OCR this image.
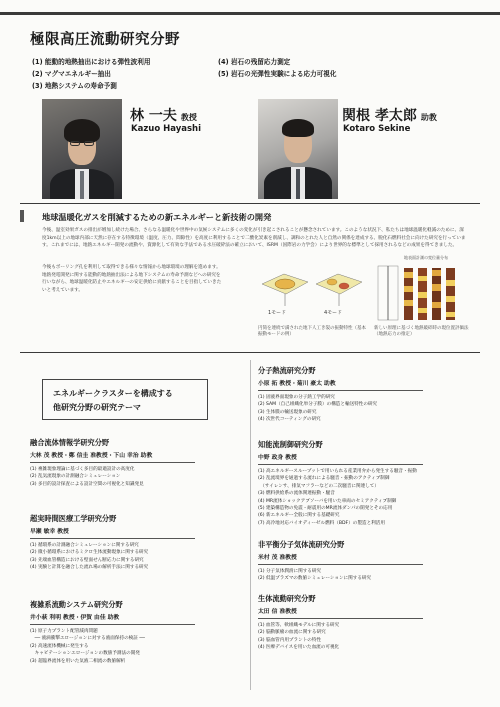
極限高圧流動研究分野
(1) 能動的地熱抽出における弾性波利用
(2) マグマエネルギー抽出
(3) 地熱システムの寿命予測
(4) 岩石の残留応力測定
(5) 岩石の光弾性実験による応力可視化
林 一夫 教授
Kazuo Hayashi
関根 孝太郎 助教
Kotaro Sekine
地球温暖化ガスを削減するための新エネルギーと新技術の開発
今後、温室効果ガスの排出が増加し続けた場合、さらなる温暖化や世界中の気候システムに多くの変化が引き起こされることが懸念されています。このような状況下、私たちは地球温暖化軽減のために、深度1km以上の地球内部に天然に存在する特徴環境（温度、圧力、間隙性）を高度に利用することで二酸化炭素を削減し、調和のとれた人と自然の関係を達成する、脱化石燃料社会に向けた研究を行っています。これまでには、地熱エネルギー開発の流動や、資源化して有効な手法である水圧破砕法の確立において、ISRM（国際岩の力学会）により世界的な標準として採用されるなどの成果を得てきました。
今後もボーリング孔を利用して取得できる様々な情報から地球環境の理解を進めます。地熱発電開発に関する能動的地熱抽出法による地下システムの寿命予測などへの研究を行いながら、地球温暖化防止やエネルギーの安定供給に貢献することを目指していきたいと考えています。
1モード	4モード
円筒を連続で満された地下人工き裂の振動特性（基本振動モードの例）
地表面計測の変位量分布
新しい原理に基づく地熱破碎時の現位置評価法（地熱応力の推定）
エネルギークラスターを構成する
他研究分野の研究テーマ
融合流体情報学研究分野
大林 茂 教授・鄭 信圭 准教授・下山 幸治 助教
(1) 複雑現象理論に基づく多目的最適設計の高度化
(2) 乱気流現象の計測融合シミュレーション
(3) 多目的設計探査による設計空間の可視化と知識発見
超実時間医療工学研究分野
早瀬 敏幸 教授
(1) 循環系の計測融合シミュレーションに関する研究
(2) 微小循環系におけるミクロ生体流動現象に関する研究
(3) 先端血管構造における壁面せん断応力に関する研究
(4) 実験と計算を融合した流れ場の解析手法に関する研究
複雑系流動システム研究分野
井小萩 利明 教授・伊賀 由佳 助教
(1) 原子力プラント配管減肉問題
　── 液滴衝撃エロージョンに対する液面保持の検証 ──
(2) 高速流体機械に発生する
　キャビテーションエロージョンの数値予測法の開発
(3) 超臨界流体を用いた気液二相流の数値解析
分子熱流研究分野
小原 拓 教授・菊川 豪太 助教
(1) 固液界面現象の分子熱工学的研究
(2) SAM（自己組織化単分子膜）の構造と輸送特性の研究
(3) 生体膜の輸送現象の研究
(4) 次世代コーティングの研究
知能流制御研究分野
中野 政身 教授
(1) 高エネルギースループットで用いられる産業用弁から発生する騒音・振動
(2) 乱流境界を通過する流れによる騒音・振動のアクティブ制御
　（サイレンサ、排気マフラーなどの二次騒音に関連して）
(3) 燃料供給系の流体関連振動・騒音
(4) MR流体ショックアブソーバを用いた車両のセミアクティブ制御
(5) 建築構造物の免震・耐震用のMR流体ダンパの開発とその応用
(6) 新エネルギー全般に関する基礎研究
(7) 高冷地対応バイオディーゼル燃料（BDF）の製造と利活用
非平衡分子気体流研究分野
米村 茂 准教授
(1) 分子気体潤滑に関する研究
(2) 低温プラズマの数値シミュレーションに関する研究
生体流動研究分野
太田 信 准教授
(1) 血管等、軟組織モデルに関する研究
(2) 脳動脈瘤の血流に関する研究
(3) 脳血管内用プラントの特性
(4) 医療デバイスを用いた血流の可視化
